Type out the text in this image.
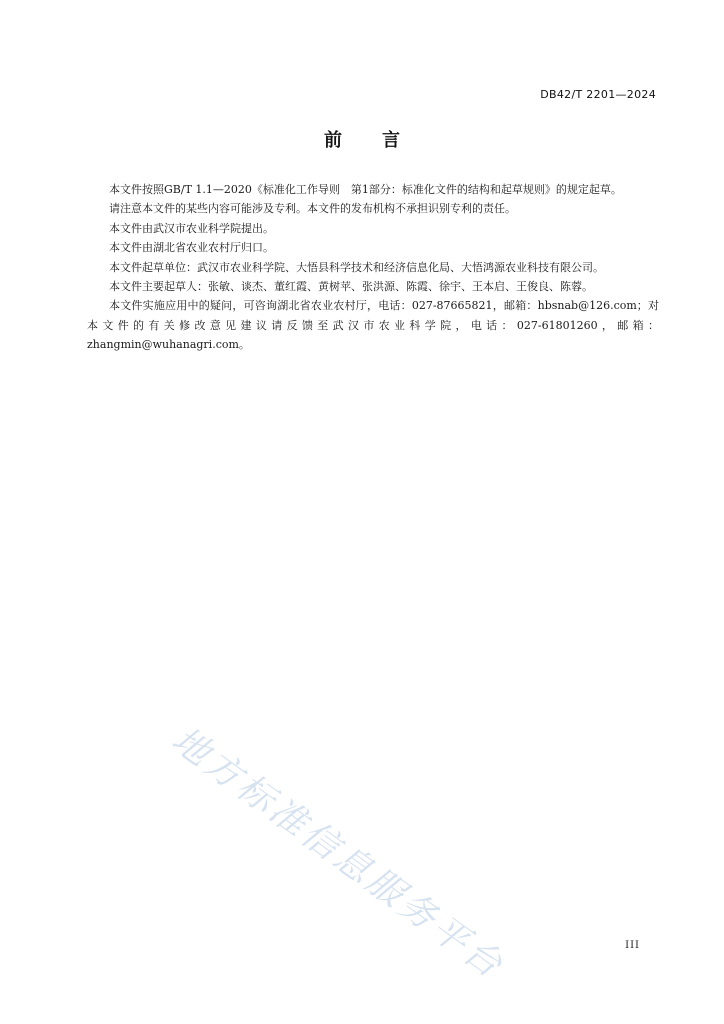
DB42/T 2201—2024
前 言

本文件按照GB/T 1.1—2020《标准化工作导则　第1部分：标准化文件的结构和起草规则》的规定起草。

请注意本文件的某些内容可能涉及专利。本文件的发布机构不承担识别专利的责任。

本文件由武汉市农业科学院提出。

本文件由湖北省农业农村厅归口。

本文件起草单位：武汉市农业科学院、大悟县科学技术和经济信息化局、大悟鸿源农业科技有限公司。

本文件主要起草人：张敏、谈杰、董红霞、黄树苹、张洪源、陈霞、徐宇、王本启、王俊良、陈蓉。

本文件实施应用中的疑问，可咨询湖北省农业农村厅，电话：027-87665821，邮箱：hbsnab@126.com；对本文件的有关修改意见建议请反馈至武汉市农业科学院，电话：027-61801260，邮箱：zhangmin@wuhanagri.com。

地方标准信息服务平台	III
